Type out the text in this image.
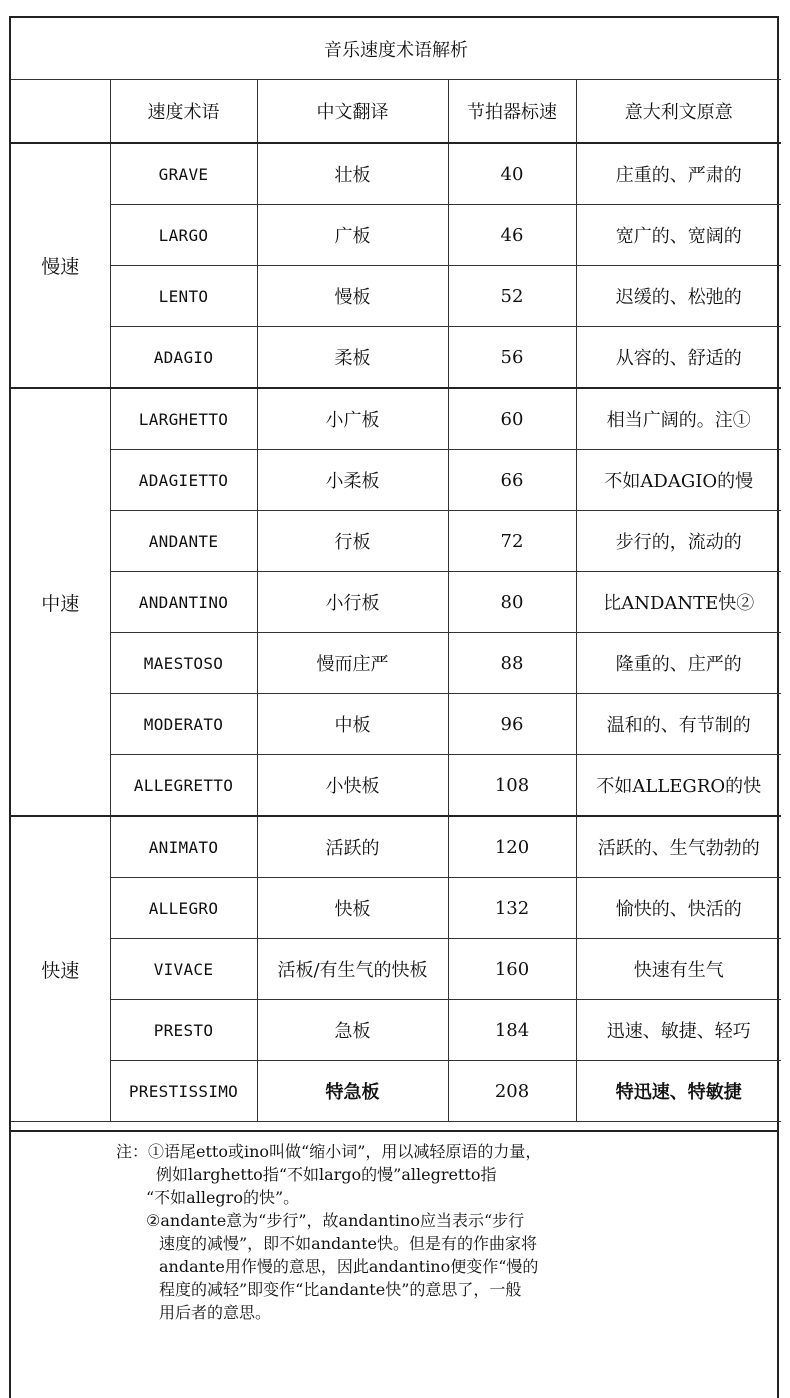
音乐速度术语解析				
	速度术语	中文翻译	节拍器标速	意大利文原意
慢速	GRAVE	壮板	40	庄重的、严肃的
	LARGO	广板	46	宽广的、宽阔的
	LENTO	慢板	52	迟缓的、松弛的
	ADAGIO	柔板	56	从容的、舒适的
中速	LARGHETTO	小广板	60	相当广阔的。注①
	ADAGIETTO	小柔板	66	不如ADAGIO的慢
	ANDANTE	行板	72	步行的，流动的
	ANDANTINO	小行板	80	比ANDANTE快②
	MAESTOSO	慢而庄严	88	隆重的、庄严的
	MODERATO	中板	96	温和的、有节制的
	ALLEGRETTO	小快板	108	不如ALLEGRO的快
快速	ANIMATO	活跃的	120	活跃的、生气勃勃的
	ALLEGRO	快板	132	愉快的、快活的
	VIVACE	活板/有生气的快板	160	快速有生气
	PRESTO	急板	184	迅速、敏捷、轻巧
	PRESTISSIMO	特急板	208	特迅速、特敏捷
注：①语尾etto或ino叫做“缩小词”，用以减轻原语的力量，
例如larghetto指“不如largo的慢”allegretto指
“不如allegro的快”。
②andante意为“步行”，故andantino应当表示“步行
速度的减慢”，即不如andante快。但是有的作曲家将
andante用作慢的意思，因此andantino便变作“慢的
程度的减轻”即变作“比andante快”的意思了，一般
用后者的意思。
